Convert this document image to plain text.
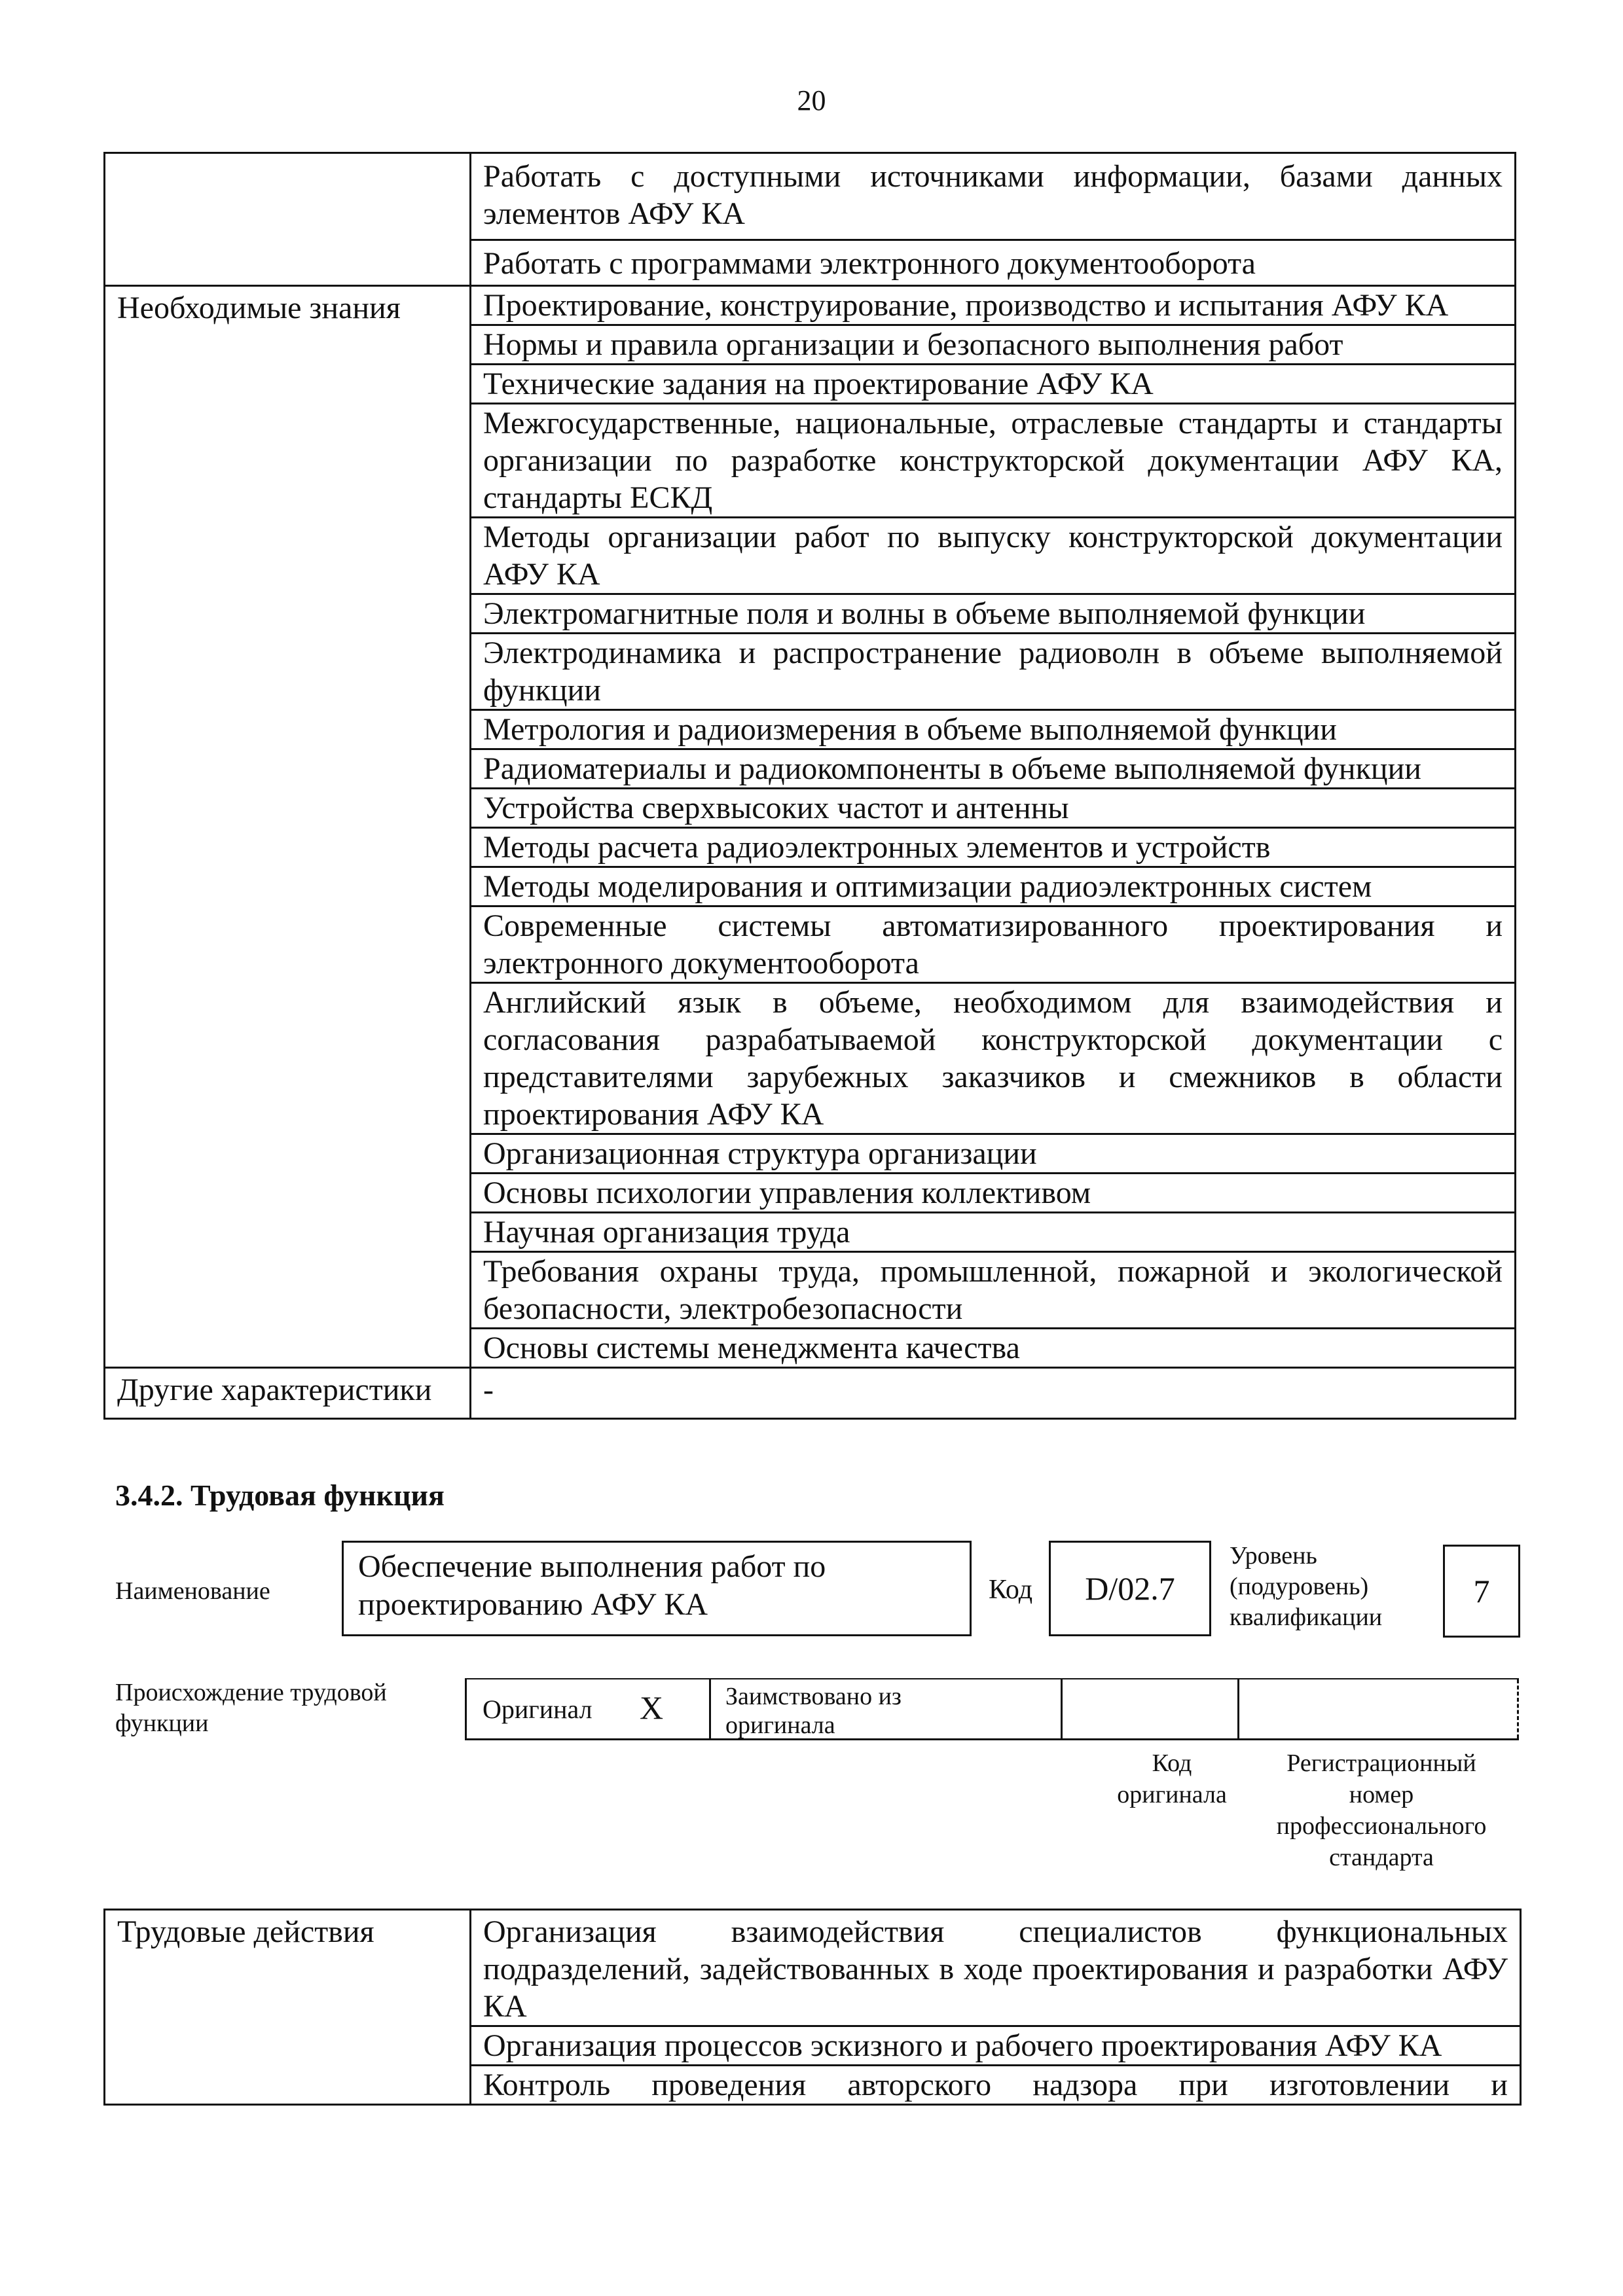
20
	Работать с доступными источниками информации, базами данных элементов АФУ КА
	Работать с программами электронного документооборота
Необходимые знания	Проектирование, конструирование, производство и испытания АФУ КА
	Нормы и правила организации и безопасного выполнения работ
	Технические задания на проектирование АФУ КА
	Межгосударственные, национальные, отраслевые стандарты и стандарты организации по разработке конструкторской документации АФУ КА, стандарты ЕСКД
	Методы организации работ по выпуску конструкторской документации АФУ КА
	Электромагнитные поля и волны в объеме выполняемой функции
	Электродинамика и распространение радиоволн в объеме выполняемой функции
	Метрология и радиоизмерения в объеме выполняемой функции
	Радиоматериалы и радиокомпоненты в объеме выполняемой функции
	Устройства сверхвысоких частот и антенны
	Методы расчета радиоэлектронных элементов и устройств
	Методы моделирования и оптимизации радиоэлектронных систем
	Современные системы автоматизированного проектирования и электронного документооборота
	Английский язык в объеме, необходимом для взаимодействия и согласования разрабатываемой конструкторской документации с представителями зарубежных заказчиков и смежников в области проектирования АФУ КА
	Организационная структура организации
	Основы психологии управления коллективом
	Научная организация труда
	Требования охраны труда, промышленной, пожарной и экологической безопасности, электробезопасности
	Основы системы менеджмента качества
Другие характеристики	-
3.4.2. Трудовая функция
Наименование
Обеспечение выполнения работ по проектированию АФУ КА	Код	D/02.7
Уровень
(подуровень)
квалификации
7
Происхождение трудовой
функции	Оригинал X Заимствовано из
оригинала
Код
оригинала
Регистрационный
номер
профессионального
стандарта
Трудовые действия	Организация взаимодействия специалистов функциональных подразделений, задействованных в ходе проектирования и разработки АФУ КА
Организация процессов эскизного и рабочего проектирования АФУ КА
Контроль проведения авторского надзора при изготовлении и
